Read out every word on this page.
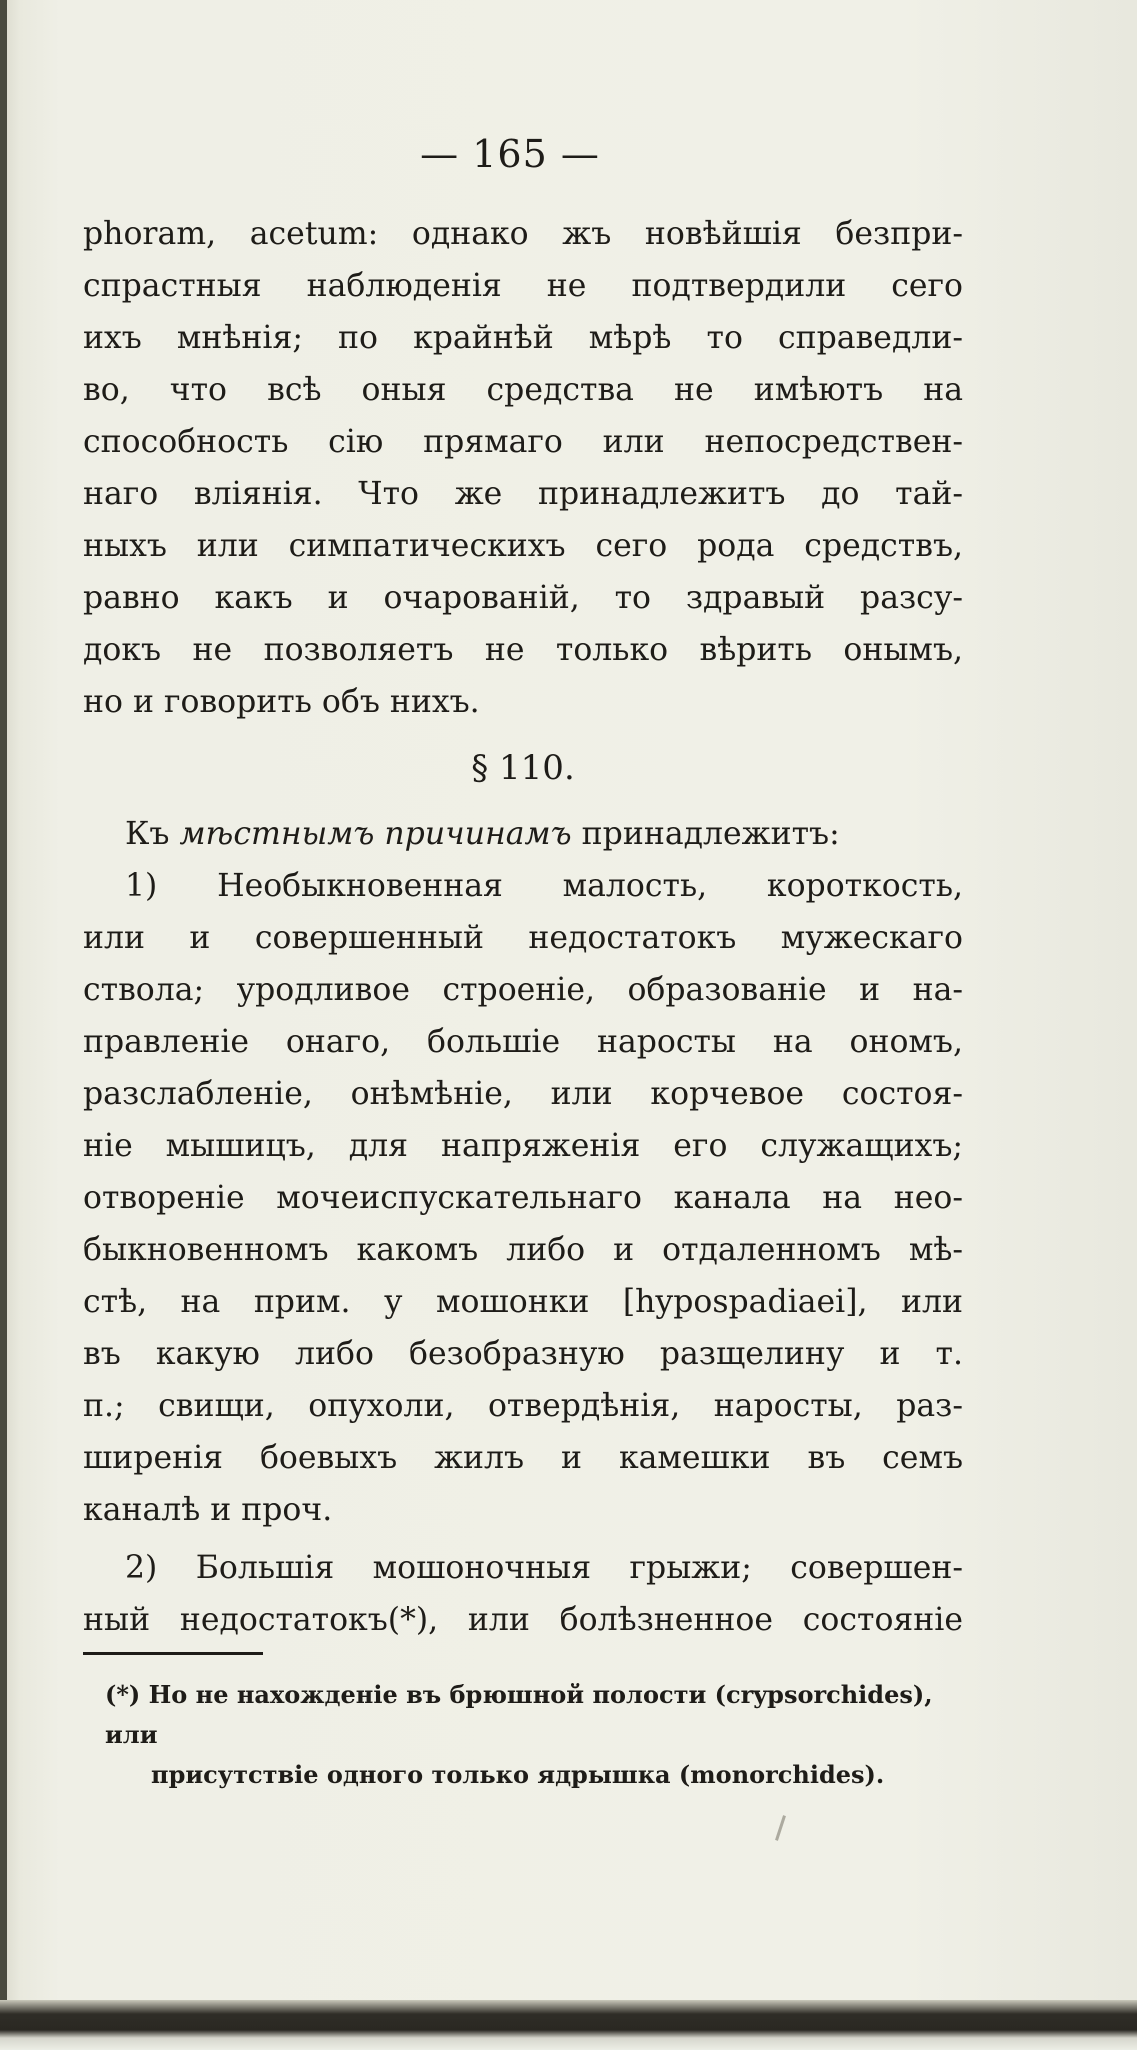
— 165 —
phoram, acetum: однако жъ новѣйшія безпри-
спрастныя наблюденія не подтвердили сего
ихъ мнѣнія; по крайнѣй мѣрѣ то справедли-
во, что всѣ оныя средства не имѣютъ на
способность сію прямаго или непосредствен-
наго вліянія. Что же принадлежитъ до тай-
ныхъ или симпатическихъ сего рода средствъ,
равно какъ и очарованій, то здравый разсу-
докъ не позволяетъ не только вѣрить онымъ,
но и говорить объ нихъ.
§ 110.
Къ мѣстнымъ причинамъ принадлежитъ:
1) Необыкновенная малость, короткость,
или и совершенный недостатокъ мужескаго
ствола; уродливое строеніе, образованіе и на-
правленіе онаго, большіе наросты на ономъ,
разслабленіе, онѣмѣніе, или корчевое состоя-
ніе мышицъ, для напряженія его служащихъ;
отвореніе мочеиспускательнаго канала на нео-
быкновенномъ какомъ либо и отдаленномъ мѣ-
стѣ, на прим. у мошонки [hypospadiaei], или
въ какую либо безобразную разщелину и т.
п.; свищи, опухоли, отвердѣнія, наросты, раз-
ширенія боевыхъ жилъ и камешки въ семъ
каналѣ и проч.
2) Большія мошоночныя грыжи; совершен-
ный недостатокъ(*), или болѣзненное состояніе
(*) Но не нахожденіе въ брюшной полости (crypsorchides), или
присутствіе одного только ядрышка (monorchides).
